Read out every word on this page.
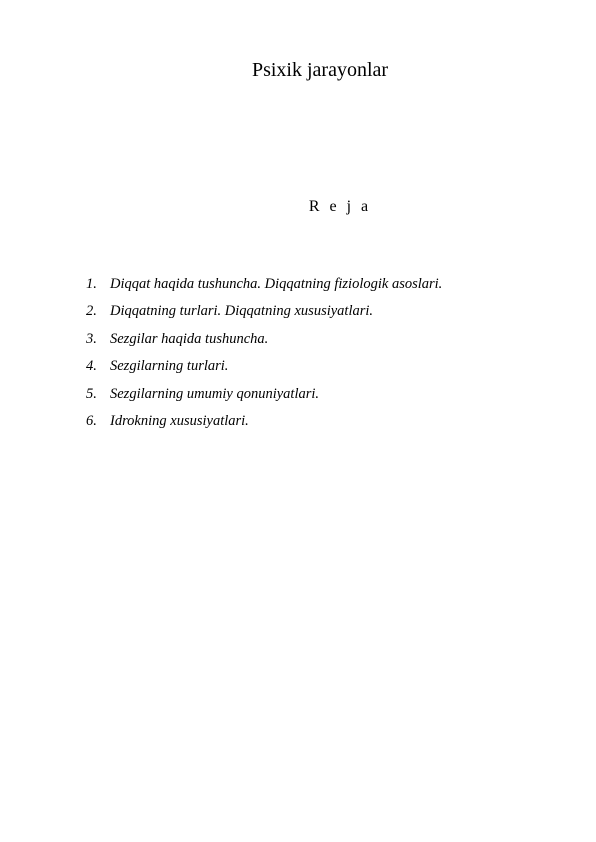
Psixik jarayonlar
R e j a
1. Diqqat haqida tushuncha. Diqqatning fiziologik asoslari.
2. Diqqatning turlari. Diqqatning xususiyatlari.
3. Sezgilar haqida tushuncha.
4. Sezgilarning turlari.
5. Sezgilarning umumiy qonuniyatlari.
6. Idrokning xususiyatlari.
